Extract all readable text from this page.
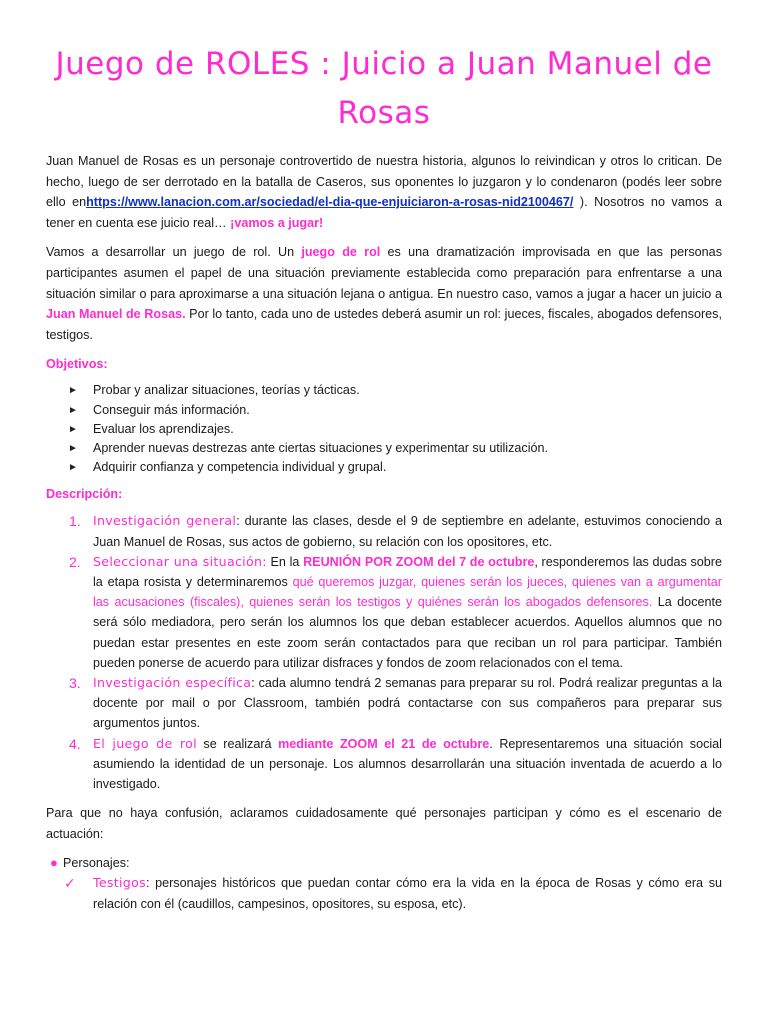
Juego de ROLES : Juicio a Juan Manuel de Rosas

Juan Manuel de Rosas es un personaje controvertido de nuestra historia, algunos lo reivindican y otros lo critican. De hecho, luego de ser derrotado en la batalla de Caseros, sus oponentes lo juzgaron y lo condenaron (podés leer sobre ello enhttps://www.lanacion.com.ar/sociedad/el-dia-que-enjuiciaron-a-rosas-nid2100467/ ). Nosotros no vamos a tener en cuenta ese juicio real… ¡vamos a jugar!

Vamos a desarrollar un juego de rol. Un juego de rol es una dramatización improvisada en que las personas participantes asumen el papel de una situación previamente establecida como preparación para enfrentarse a una situación similar o para aproximarse a una situación lejana o antigua. En nuestro caso, vamos a jugar a hacer un juicio a Juan Manuel de Rosas. Por lo tanto, cada uno de ustedes deberá asumir un rol: jueces, fiscales, abogados defensores, testigos.

Objetivos:
► Probar y analizar situaciones, teorías y tácticas.
► Conseguir más información.
► Evaluar los aprendizajes.
► Aprender nuevas destrezas ante ciertas situaciones y experimentar su utilización.
► Adquirir confianza y competencia individual y grupal.
Descripción:
1. Investigación general: durante las clases, desde el 9 de septiembre en adelante, estuvimos conociendo a Juan Manuel de Rosas, sus actos de gobierno, su relación con los opositores, etc.
2. Seleccionar una situación: En la REUNIÓN POR ZOOM del 7 de octubre, responderemos las dudas sobre la etapa rosista y determinaremos qué queremos juzgar, quienes serán los jueces, quienes van a argumentar las acusaciones (fiscales), quienes serán los testigos y quiénes serán los abogados defensores. La docente será sólo mediadora, pero serán los alumnos los que deban establecer acuerdos. Aquellos alumnos que no puedan estar presentes en este zoom serán contactados para que reciban un rol para participar. También pueden ponerse de acuerdo para utilizar disfraces y fondos de zoom relacionados con el tema.
3. Investigación específica: cada alumno tendrá 2 semanas para preparar su rol. Podrá realizar preguntas a la docente por mail o por Classroom, también podrá contactarse con sus compañeros para preparar sus argumentos juntos.
4. El juego de rol se realizará mediante ZOOM el 21 de octubre. Representaremos una situación social asumiendo la identidad de un personaje. Los alumnos desarrollarán una situación inventada de acuerdo a lo investigado.

Para que no haya confusión, aclaramos cuidadosamente qué personajes participan y cómo es el escenario de actuación:

● Personajes:
✓ Testigos: personajes históricos que puedan contar cómo era la vida en la época de Rosas y cómo era su relación con él (caudillos, campesinos, opositores, su esposa, etc).
